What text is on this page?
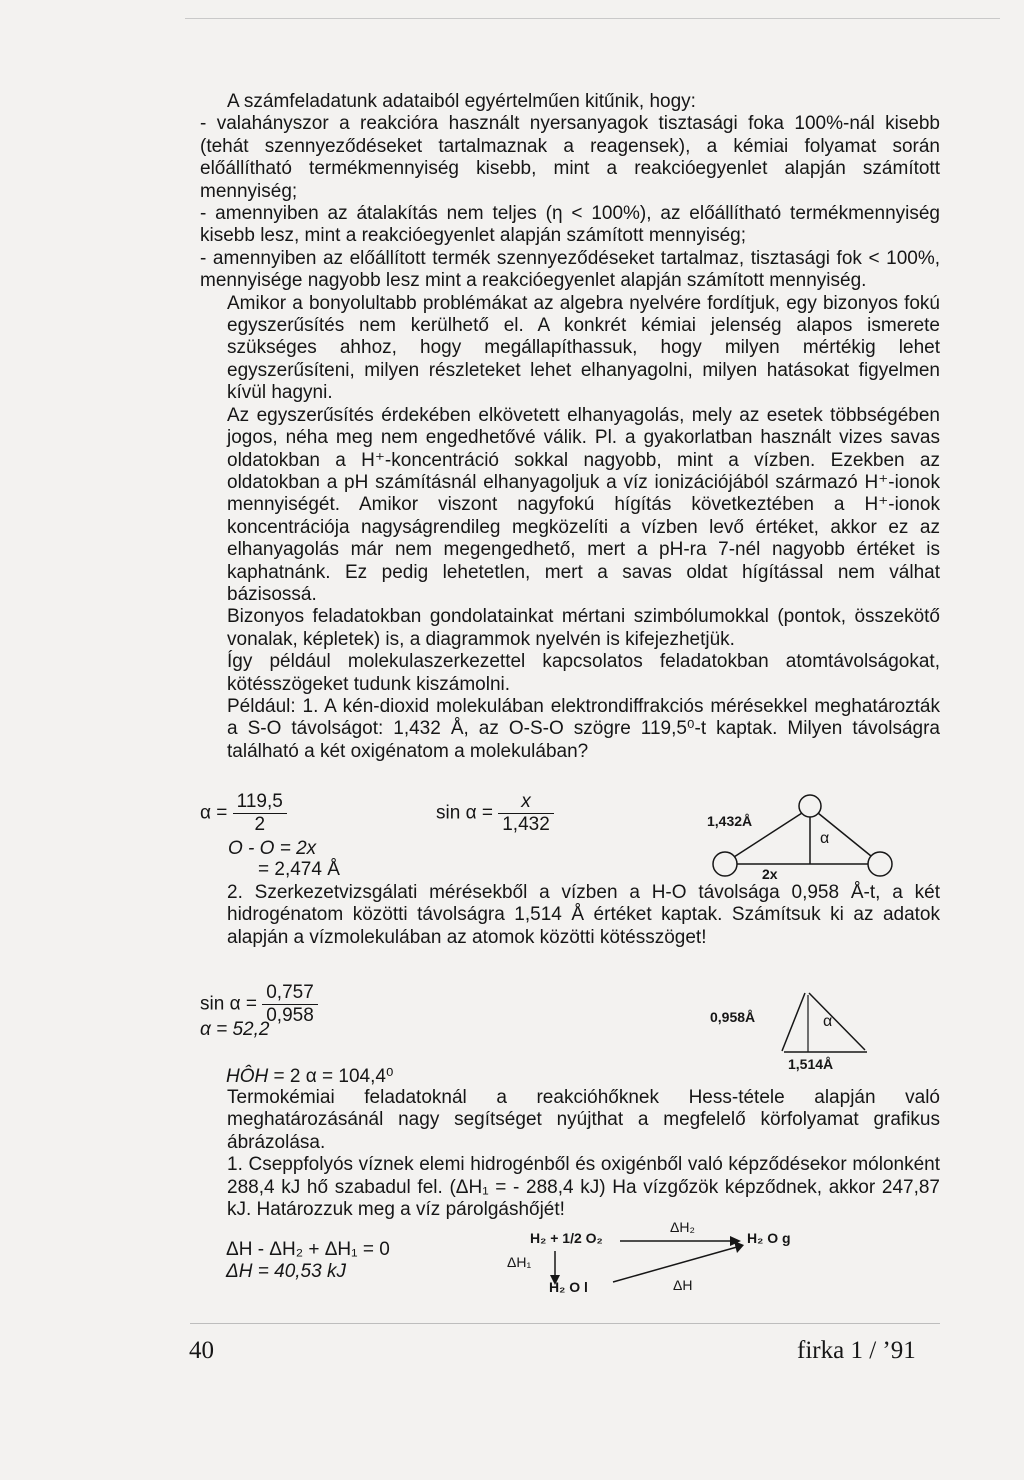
A számfeladatunk adataiból egyértelműen kitűnik, hogy:

- valahányszor a reakcióra használt nyersanyagok tisztasági foka 100%-nál kisebb (tehát szennyeződéseket tartalmaznak a reagensek), a kémiai folyamat során előállítható termékmennyiség kisebb, mint a reakcióegyenlet alapján számított mennyiség;

- amennyiben az átalakítás nem teljes (η < 100%), az előállítható termékmennyiség kisebb lesz, mint a reakcióegyenlet alapján számított mennyiség;

- amennyiben az előállított termék szennyeződéseket tartalmaz, tisztasági fok < 100%, mennyisége nagyobb lesz mint a reakcióegyenlet alapján számított mennyiség.

Amikor a bonyolultabb problémákat az algebra nyelvére fordítjuk, egy bizonyos fokú egyszerűsítés nem kerülhető el. A konkrét kémiai jelenség alapos ismerete szükséges ahhoz, hogy megállapíthassuk, hogy milyen mértékig lehet egyszerűsíteni, milyen részleteket lehet elhanyagolni, milyen hatásokat figyelmen kívül hagyni.

Az egyszerűsítés érdekében elkövetett elhanyagolás, mely az esetek többségében jogos, néha meg nem engedhetővé válik. Pl. a gyakorlatban használt vizes savas oldatokban a H⁺-koncentráció sokkal nagyobb, mint a vízben. Ezekben az oldatokban a pH számításnál elhanyagoljuk a víz ionizációjából származó H⁺-ionok mennyiségét. Amikor viszont nagyfokú hígítás következtében a H⁺-ionok koncentrációja nagyságrendileg megközelíti a vízben levő értéket, akkor ez az elhanyagolás már nem megengedhető, mert a pH-ra 7-nél nagyobb értéket is kaphatnánk. Ez pedig lehetetlen, mert a savas oldat hígítással nem válhat bázisossá.

Bizonyos feladatokban gondolatainkat mértani szimbólumokkal (pontok, összekötő vonalak, képletek) is, a diagrammok nyelvén is kifejezhetjük.

Így például molekulaszerkezettel kapcsolatos feladatokban atomtávolságokat, kötésszögeket tudunk kiszámolni.

Például: 1. A kén-dioxid molekulában elektrondiffrakciós mérésekkel meghatározták a S-O távolságot: 1,432 Å, az O-S-O szögre 119,5⁰-t kaptak. Milyen távolságra található a két oxigénatom a molekulában?

$\alpha = \frac{119,5}{2}$	$\sin \alpha = \frac{x}{1,432}$
O - O = 2x
= 2,474 Å
1,432Å
α
2x

2. Szerkezetvizsgálati mérésekből a vízben a H-O távolsága 0,958 Å-t, a két hidrogénatom közötti távolságra 1,514 Å értéket kaptak. Számítsuk ki az adatok alapján a vízmolekulában az atomok közötti kötésszöget!

$\sin \alpha = \frac{0,757}{0,958}$
α = 52,2
HÔH = 2 α = 104,4⁰
0,958Å	α
1,514Å

Termokémiai feladatoknál a reakcióhőknek Hess-tétele alapján való meghatározásánál nagy segítséget nyújthat a megfelelő körfolyamat grafikus ábrázolása.

1. Cseppfolyós víznek elemi hidrogénből és oxigénből való képződésekor mólonként 288,4 kJ hő szabadul fel. (ΔH₁ = - 288,4 kJ) Ha vízgőzök képződnek, akkor 247,87 kJ. Határozzuk meg a víz párolgáshőjét!

ΔH - ΔH₂ + ΔH₁ = 0
ΔH = 40,53 kJ
H₂ + 1/2 O₂
ΔH₂
H₂ O g
ΔH₁
H₂ O l	ΔH
40	firka 1 / ’91
